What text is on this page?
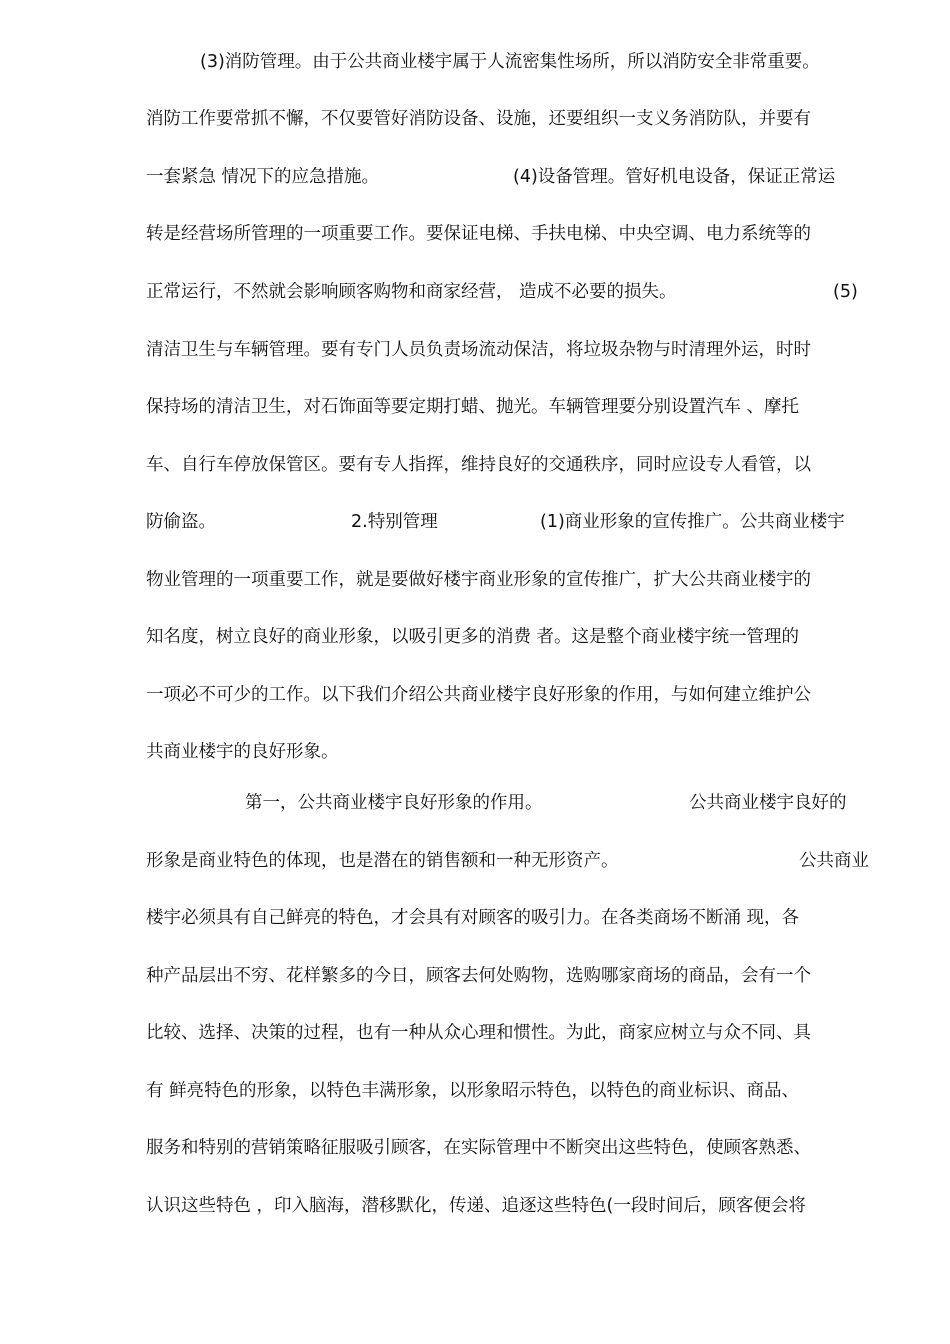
(3)消防管理。由于公共商业楼宇属于人流密集性场所，所以消防安全非常重要。
消防工作要常抓不懈，不仅要管好消防设备、设施，还要组织一支义务消防队，并要有
一套紧急 情况下的应急措施。	(4)设备管理。管好机电设备，保证正常运
转是经营场所管理的一项重要工作。要保证电梯、手扶电梯、中央空调、电力系统等的
正常运行，不然就会影响顾客购物和商家经营， 造成不必要的损失。	(5)
清洁卫生与车辆管理。要有专门人员负责场流动保洁，将垃圾杂物与时清理外运，时时
保持场的清洁卫生，对石饰面等要定期打蜡、抛光。车辆管理要分别设置汽车 、摩托
车、自行车停放保管区。要有专人指挥，维持良好的交通秩序，同时应设专人看管，以
防偷盗。	2.特别管理	(1)商业形象的宣传推广。公共商业楼宇
物业管理的一项重要工作，就是要做好楼宇商业形象的宣传推广，扩大公共商业楼宇的
知名度，树立良好的商业形象，以吸引更多的消费 者。这是整个商业楼宇统一管理的
一项必不可少的工作。以下我们介绍公共商业楼宇良好形象的作用，与如何建立维护公
共商业楼宇的良好形象。
第一，公共商业楼宇良好形象的作用。	公共商业楼宇良好的
形象是商业特色的体现，也是潜在的销售额和一种无形资产。	公共商业
楼宇必须具有自己鲜亮的特色，才会具有对顾客的吸引力。在各类商场不断涌 现，各
种产品层出不穷、花样繁多的今日，顾客去何处购物，选购哪家商场的商品，会有一个
比较、选择、决策的过程，也有一种从众心理和惯性。为此，商家应树立与众不同、具
有 鲜亮特色的形象，以特色丰满形象，以形象昭示特色，以特色的商业标识、商品、
服务和特别的营销策略征服吸引顾客，在实际管理中不断突出这些特色，使顾客熟悉、
认识这些特色 ，印入脑海，潜移默化，传递、追逐这些特色(一段时间后，顾客便会将
